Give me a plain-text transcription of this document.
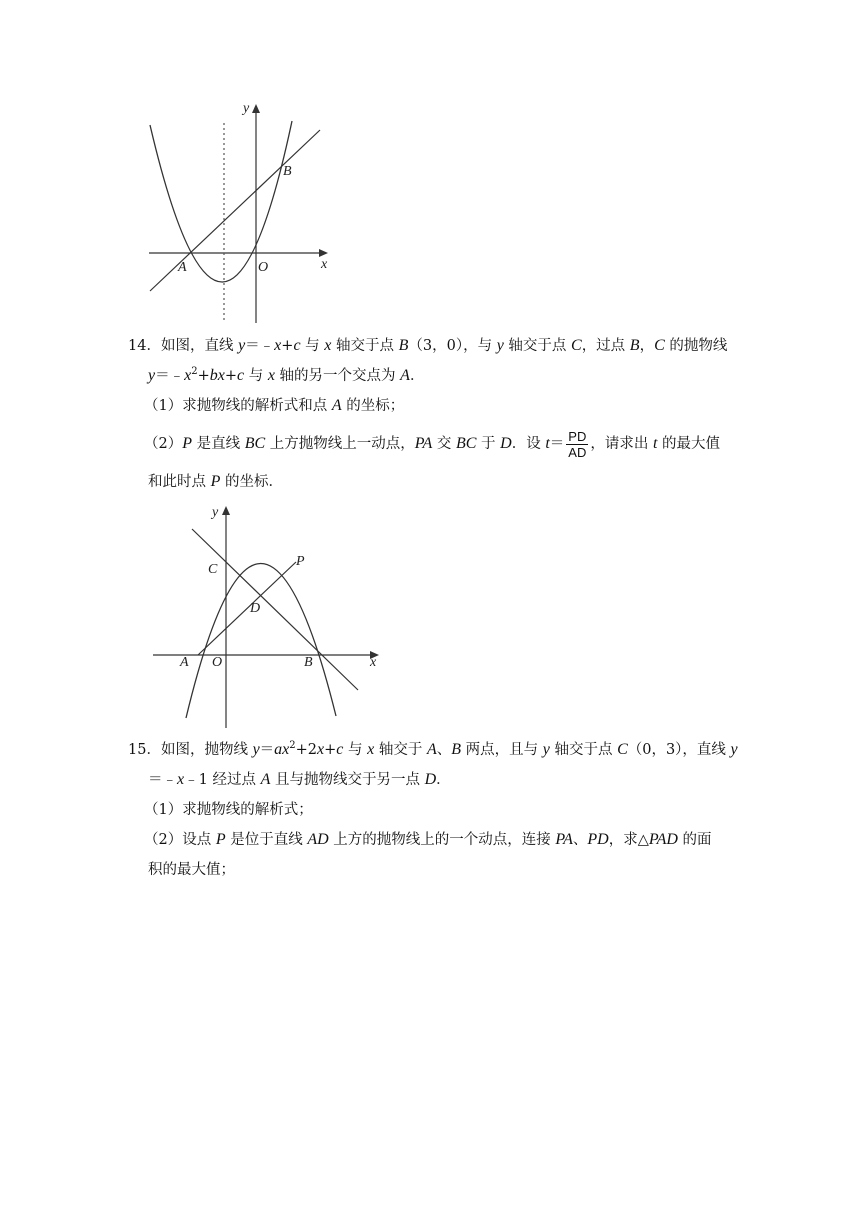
y
x
A	O
B
14．如图，直线 y＝﹣x+c 与 x 轴交于点 B（3，0），与 y 轴交于点 C，过点 B，C 的抛物线
$y=﹣x^2+bx+c$ 与 x 轴的另一个交点为 A．
（1）求抛物线的解析式和点 A 的坐标；
（2）P 是直线 BC 上方抛物线上一动点，PA 交 BC 于 D．设 $t= \frac{PD}{AD}$ ，请求出 t 的最大值
和此时点 P 的坐标．
y
x
C
P
D
A O	B
15．如图，抛物线 $y=ax^2+2x+c$ 与 x 轴交于 A、B 两点，且与 y 轴交于点 C（0，3），直线 y
＝﹣x﹣1 经过点 A 且与抛物线交于另一点 D．
（1）求抛物线的解析式；
（2）设点 P 是位于直线 AD 上方的抛物线上的一个动点，连接 PA、PD，求△PAD 的面
积的最大值；
